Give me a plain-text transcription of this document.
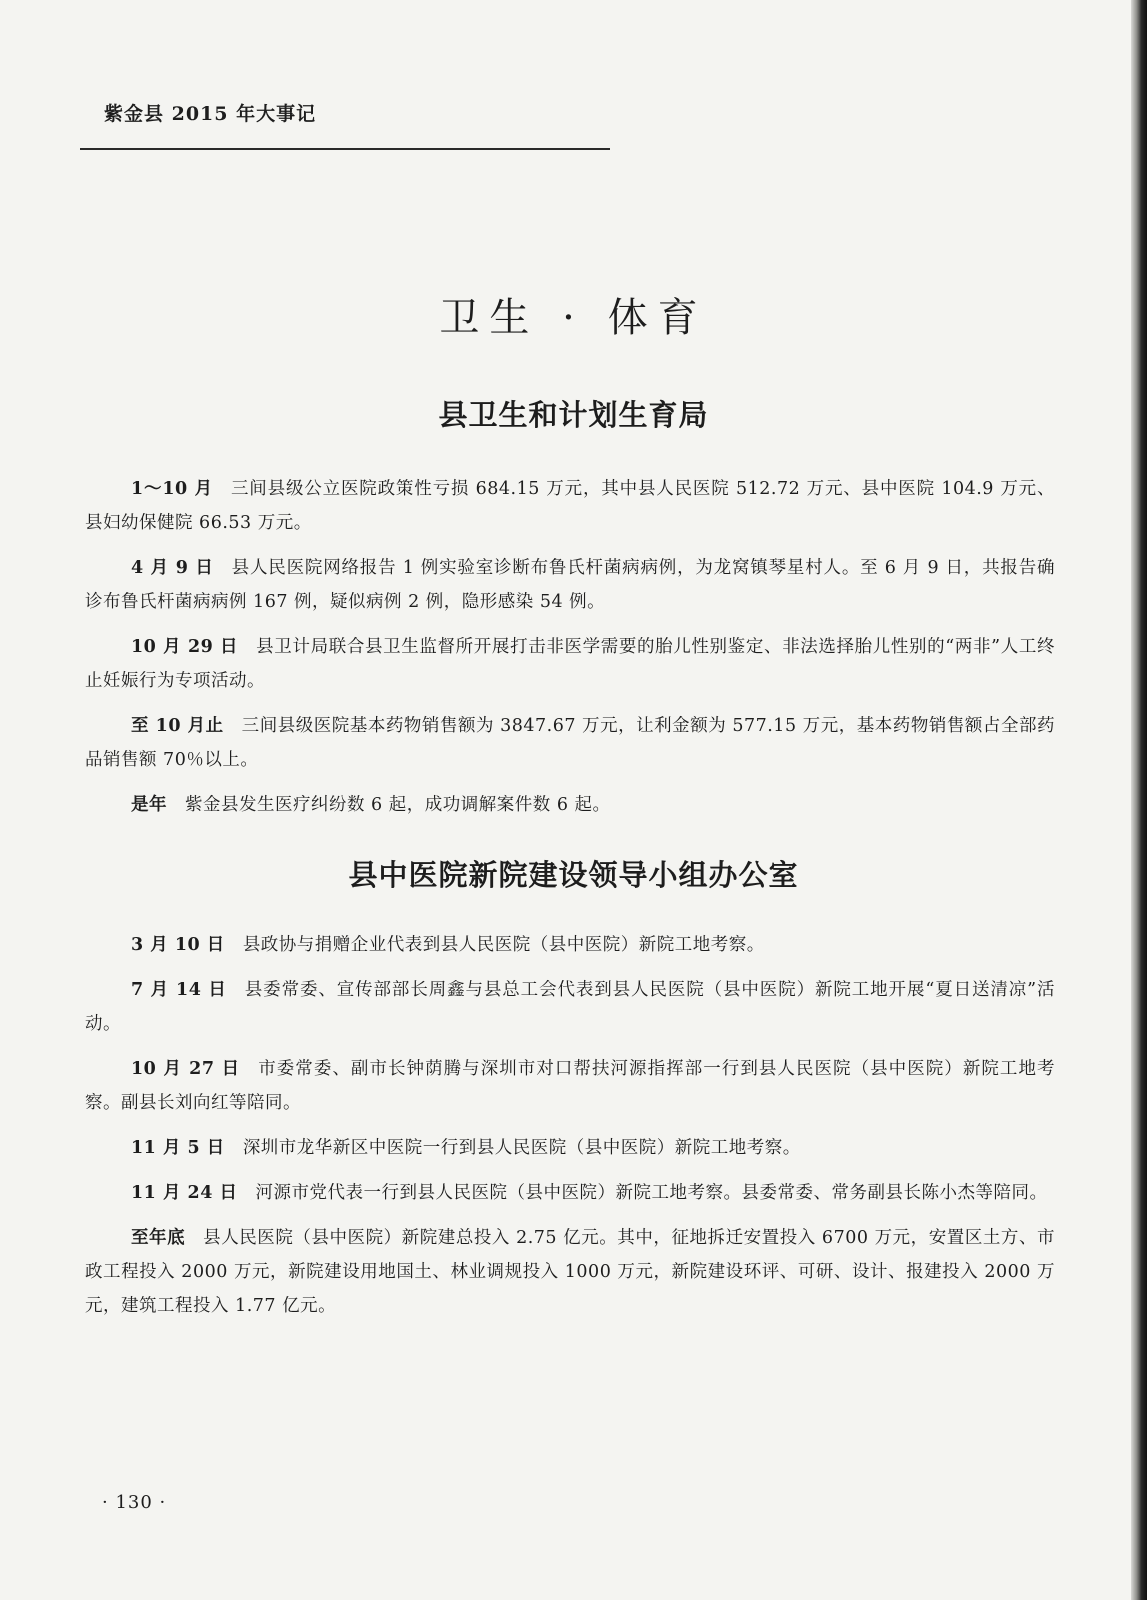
紫金县 2015 年大事记
卫生 · 体育
县卫生和计划生育局

1～10 月 三间县级公立医院政策性亏损 684.15 万元，其中县人民医院 512.72 万元、县中医院 104.9 万元、县妇幼保健院 66.53 万元。

4 月 9 日 县人民医院网络报告 1 例实验室诊断布鲁氏杆菌病病例，为龙窝镇琴星村人。至 6 月 9 日，共报告确诊布鲁氏杆菌病病例 167 例，疑似病例 2 例，隐形感染 54 例。

10 月 29 日 县卫计局联合县卫生监督所开展打击非医学需要的胎儿性别鉴定、非法选择胎儿性别的“两非”人工终止妊娠行为专项活动。

至 10 月止 三间县级医院基本药物销售额为 3847.67 万元，让利金额为 577.15 万元，基本药物销售额占全部药品销售额 70％以上。

是年 紫金县发生医疗纠纷数 6 起，成功调解案件数 6 起。

县中医院新院建设领导小组办公室

3 月 10 日 县政协与捐赠企业代表到县人民医院（县中医院）新院工地考察。

7 月 14 日 县委常委、宣传部部长周鑫与县总工会代表到县人民医院（县中医院）新院工地开展“夏日送清凉”活动。

10 月 27 日 市委常委、副市长钟荫腾与深圳市对口帮扶河源指挥部一行到县人民医院（县中医院）新院工地考察。副县长刘向红等陪同。

11 月 5 日 深圳市龙华新区中医院一行到县人民医院（县中医院）新院工地考察。

11 月 24 日 河源市党代表一行到县人民医院（县中医院）新院工地考察。县委常委、常务副县长陈小杰等陪同。

至年底 县人民医院（县中医院）新院建总投入 2.75 亿元。其中，征地拆迁安置投入 6700 万元，安置区土方、市政工程投入 2000 万元，新院建设用地国土、林业调规投入 1000 万元，新院建设环评、可研、设计、报建投入 2000 万元，建筑工程投入 1.77 亿元。

· 130 ·
